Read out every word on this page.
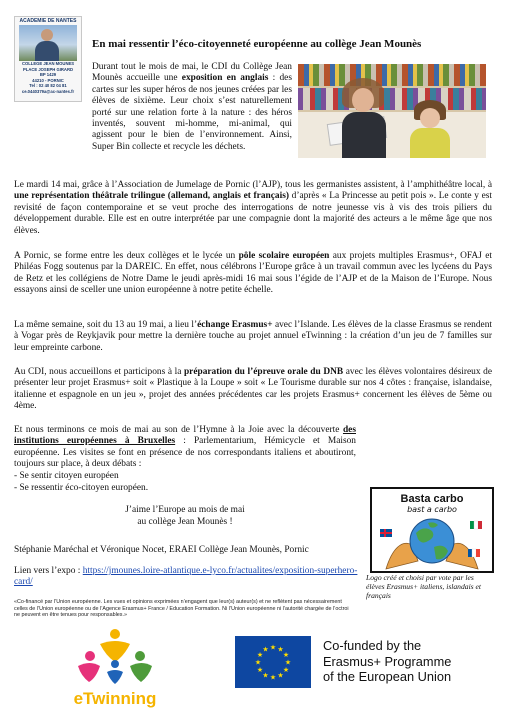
ACADEMIE DE NANTES
COLLEGE JEAN MOUNES
PLACE JOSEPH GIRARD
BP 1429
44210 - PORNIC
Tel : 02 40 82 04 81
ce.0440379a@ac-nantes.fr
En mai ressentir l’éco-citoyenneté européenne au collège Jean Mounès

Durant tout le mois de mai, le CDI du Collège Jean Mounès accueille une exposition en anglais : des cartes sur les super héros de nos jeunes créées par les élèves de sixième. Leur choix s’est naturellement porté sur une relation forte à la nature : des héros inventés, souvent mi-homme, mi-animal, qui agissent pour le bien de l’environnement. Ainsi, Super Bin collecte et recycle les déchets.

Le mardi 14 mai, grâce à l’Association de Jumelage de Pornic (l’AJP), tous les germanistes assistent, à l’amphithéâtre local, à une représentation théâtrale trilingue (allemand, anglais et français) d’après « La Princesse au petit pois ». Le conte y est revisité de façon contemporaine et se veut proche des interrogations de notre jeunesse vis à vis des trois piliers du développement durable. Elle est en outre interprétée par une compagnie dont la majorité des acteurs a le même âge que nos élèves.

A Pornic, se forme entre les deux collèges et le lycée un pôle scolaire européen aux projets multiples Erasmus+, OFAJ et Philéas Fogg soutenus par la DAREIC. En effet, nous célébrons l’Europe grâce à un travail commun avec les lycéens du Pays de Retz et les collégiens de Notre Dame le jeudi après-midi 16 mai sous l’égide de l’AJP et de la Maison de l’Europe. Nous essayons ainsi de sceller une union européenne à notre petite échelle.

La même semaine, soit du 13 au 19 mai, a lieu l’échange Erasmus+ avec l’Islande. Les élèves de la classe Erasmus se rendent à Vogar près de Reykjavik pour mettre la dernière touche au projet annuel eTwinning : la création d’un jeu de 7 familles sur leur empreinte carbone.

Au CDI, nous accueillons et participons à la préparation du l’épreuve orale du DNB avec les élèves volontaires désireux de présenter leur projet Erasmus+ soit « Plastique à la Loupe » soit « Le Tourisme durable sur nos 4 côtes : française, islandaise, italienne et espagnole en un jeu », projet des années précédentes car les projets Erasmus+ concernent les élèves de 5ème ou 4ème.

Et nous terminons ce mois de mai au son de l’Hymne à la Joie avec la découverte des institutions européennes à Bruxelles : Parlementarium, Hémicycle et Maison européenne. Les visites se font en présence de nos correspondants italiens et aboutiront, toujours sur place, à deux débats :

- Se sentir citoyen européen

- Se ressentir éco-citoyen européen.

J’aime l’Europe au mois de mai

au collège Jean Mounès !

Stéphanie Maréchal et Véronique Nocet, ERAEI Collège Jean Mounès, Pornic

Lien vers l’expo : https://jmounes.loire-atlantique.e-lyco.fr/actualites/exposition-superhero-card/

Basta carbo
bast a carbo

Logo créé et choisi par vote par les élèves Erasmus+ italiens, islandais et français

«Co-financé par l’Union européenne. Les vues et opinions exprimées n’engagent que leur(s) auteur(s) et ne reflètent pas nécessairement celles de l’Union européenne ou de l’Agence Erasmus+ France / Education Formation. Ni l’Union européenne ni l’autorité chargée de l’octroi ne peuvent en être tenues pour responsables.»

eTwinning
★ ★
★
★
★
★
★
★
★
★
★
★	Co-funded by the
Erasmus+ Programme
of the European Union
